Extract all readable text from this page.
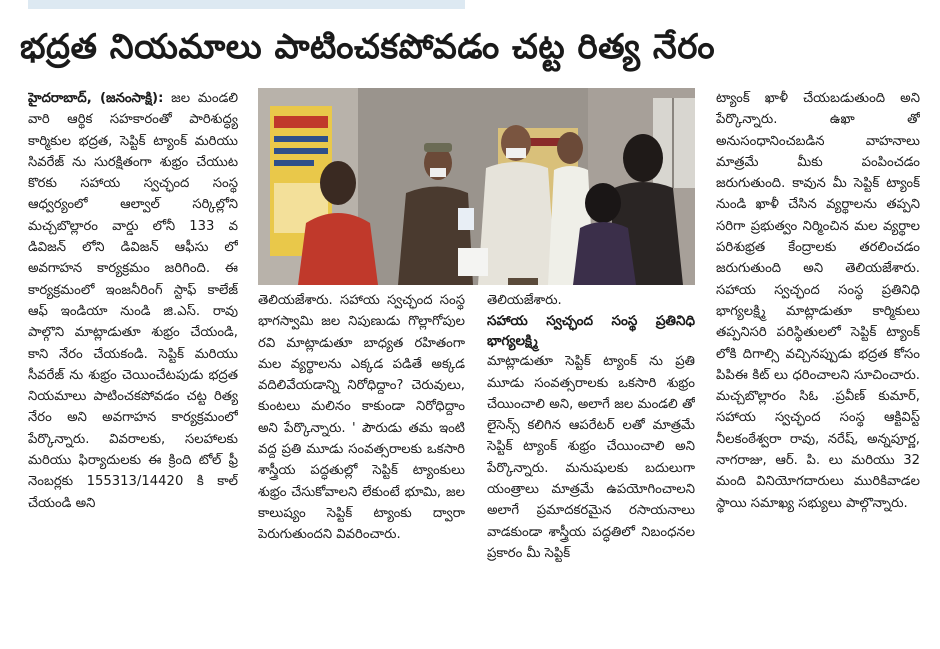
భద్రత నియమాలు పాటించకపోవడం చట్ట రిత్య నేరం

హైదరాబాద్, (జనంసాక్షి): జల మండలి వారి ఆర్థిక సహకారంతో పారిశుద్ధ్య కార్మికుల భద్రత, సెప్టిక్ ట్యాంక్ మరియు సివరేజ్ ను సురక్షితంగా శుభ్రం చేయుట కొరకు సహాయ స్వచ్ఛంద సంస్థ ఆధ్వర్యంలో ఆల్వాల్ సర్కిల్లోని మచ్చబొల్లారం వార్డు లోనీ 133 వ డివిజన్ లోని డివిజన్ ఆఫీసు లో అవగాహన కార్యక్రమం జరిగింది. ఈ కార్యక్రమంలో ఇంజనీరింగ్ స్టాఫ్ కాలేజ్ ఆఫ్ ఇండియా నుండి జి.ఎస్. రావు పాల్గొని మాట్లాడుతూ శుభ్రం చేయండి, కాని నేరం చేయకండి. సెప్టిక్ మరియు సీవరేజ్ ను శుభ్రం చెయించేటపుడు భద్రత నియమాలు పాటించకపోవడం చట్ట రిత్య నేరం అని అవగాహన కార్యక్రమంలో పేర్కొన్నారు. వివరాలకు, సలహాలకు మరియు ఫిర్యాదులకు ఈ క్రింది టోల్ ఫ్రీ నెంబర్లకు 155313/14420 కి కాల్ చేయండి అని

తెలియజేశారు. సహాయ స్వచ్ఛంద సంస్థ భాగస్వామి జల నిపుణుడు గొల్లాగోపుల రవి మాట్లాడుతూ బాధ్యత రహితంగా మల వ్యర్థాలను ఎక్కడ పడితే అక్కడ వదిలివేయడాన్ని నిరోధిద్దాం? చెరువులు, కుంటలు మలినం కాకుండా నిరోధిద్దాం అని పేర్కొన్నారు. ' పౌరుడు తమ ఇంటి వద్ద ప్రతి మూడు సంవత్సరాలకు ఒకసారి శాస్త్రీయ పద్ధతుల్లో సెప్టిక్ ట్యాంకులు శుభ్రం చేసుకోవాలని లేకుంటే భూమి, జల కాలుష్యం సెప్టిక్ ట్యాంకు ద్వారా పెరుగుతుందని వివరించారు.

తెలియజేశారు.

సహాయ స్వచ్ఛంద సంస్థ ప్రతినిధి భాగ్యలక్ష్మి

మాట్లాడుతూ సెప్టిక్ ట్యాంక్ ను ప్రతి మూడు సంవత్సరాలకు ఒకసారి శుభ్రం చేయించాలి అని, అలాగే జల మండలి తో లైసెన్స్ కలిగిన ఆపరేటర్ లతో మాత్రమే సెప్టిక్ ట్యాంక్ శుభ్రం చేయించాలి అని పేర్కొన్నారు. మనుషులకు బదులుగా యంత్రాలు మాత్రమే ఉపయోగించాలని అలాగే ప్రమాదకరమైన రసాయనాలు వాడకుండా శాస్త్రీయ పద్ధతిలో నిబంధనల ప్రకారం మీ సెప్టిక్

ట్యాంక్ ఖాళీ చేయబడుతుంది అని పేర్కొన్నారు. ఉఖా తో అనుసంధానించబడిన వాహనాలు మాత్రమే మీకు పంపించడం జరుగుతుంది. కావున మీ సెప్టిక్ ట్యాంక్ నుండి ఖాళీ చేసిన వ్యర్థాలను తప్పని సరిగా ప్రభుత్వం నిర్మించిన మల వ్యర్థాల పరిశుభ్రత కేంద్రాలకు తరలించడం జరుగుతుంది అని తెలియజేశారు. సహాయ స్వచ్ఛంద సంస్థ ప్రతినిధి భాగ్యలక్ష్మి మాట్లాడుతూ కార్మికులు తప్పనిసరి పరిస్థితులలో సెప్టిక్ ట్యాంక్ లోకి దిగాల్సి వచ్చినప్పుడు భద్రత కోసం పిపిఈ కిట్ లు ధరించాలని సూచించారు. మచ్చబొల్లారం సిఓ .ప్రవీణ్ కుమార్, సహాయ స్వచ్ఛంద సంస్థ ఆక్టివిస్ట్ నీలకంఠేశ్వరా రావు, నరేష్, అన్నపూర్ణ, నాగరాజు, ఆర్. పి. లు మరియు 32 మంది వినియోగదారులు మురికివాడల స్థాయి సమాఖ్య సభ్యులు పాల్గొన్నారు.
